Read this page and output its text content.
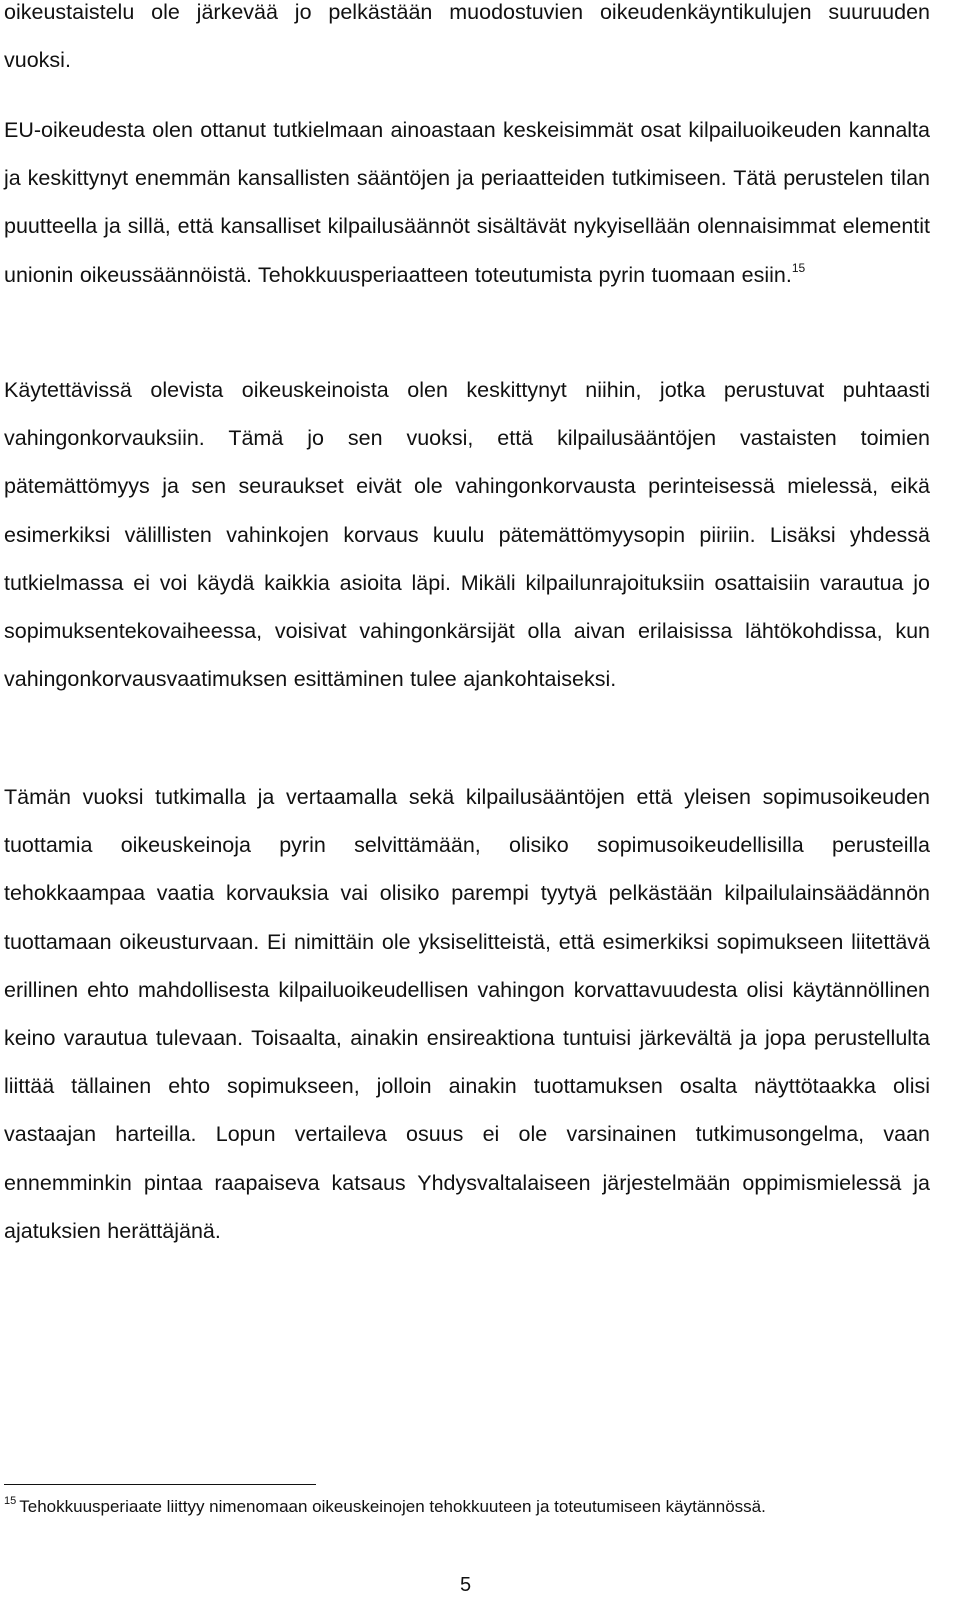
oikeustaistelu ole järkevää jo pelkästään muodostuvien oikeudenkäyntikulujen suuruuden vuoksi.

EU-oikeudesta olen ottanut tutkielmaan ainoastaan keskeisimmät osat kilpailuoikeuden kannalta ja keskittynyt enemmän kansallisten sääntöjen ja periaatteiden tutkimiseen. Tätä perustelen tilan puutteella ja sillä, että kansalliset kilpailusäännöt sisältävät nykyisellään olennaisimmat elementit unionin oikeussäännöistä. Tehokkuusperiaatteen toteutumista pyrin tuomaan esiin.$^{15}$

Käytettävissä olevista oikeuskeinoista olen keskittynyt niihin, jotka perustuvat puhtaasti vahingonkorvauksiin. Tämä jo sen vuoksi, että kilpailusääntöjen vastaisten toimien pätemättömyys ja sen seuraukset eivät ole vahingonkorvausta perinteisessä mielessä, eikä esimerkiksi välillisten vahinkojen korvaus kuulu pätemättömyysopin piiriin. Lisäksi yhdessä tutkielmassa ei voi käydä kaikkia asioita läpi. Mikäli kilpailunrajoituksiin osattaisiin varautua jo sopimuksentekovaiheessa, voisivat vahingonkärsijät olla aivan erilaisissa lähtökohdissa, kun vahingonkorvausvaatimuksen esittäminen tulee ajankohtaiseksi.

Tämän vuoksi tutkimalla ja vertaamalla sekä kilpailusääntöjen että yleisen sopimusoikeuden tuottamia oikeuskeinoja pyrin selvittämään, olisiko sopimusoikeudellisilla perusteilla tehokkaampaa vaatia korvauksia vai olisiko parempi tyytyä pelkästään kilpailulainsäädännön tuottamaan oikeusturvaan. Ei nimittäin ole yksiselitteistä, että esimerkiksi sopimukseen liitettävä erillinen ehto mahdollisesta kilpailuoikeudellisen vahingon korvattavuudesta olisi käytännöllinen keino varautua tulevaan. Toisaalta, ainakin ensireaktiona tuntuisi järkevältä ja jopa perustellulta liittää tällainen ehto sopimukseen, jolloin ainakin tuottamuksen osalta näyttötaakka olisi vastaajan harteilla. Lopun vertaileva osuus ei ole varsinainen tutkimusongelma, vaan ennemminkin pintaa raapaiseva katsaus Yhdysvaltalaiseen järjestelmään oppimismielessä ja ajatuksien herättäjänä.

$^{15}$ Tehokkuusperiaate liittyy nimenomaan oikeuskeinojen tehokkuuteen ja toteutumiseen käytännössä.
5
